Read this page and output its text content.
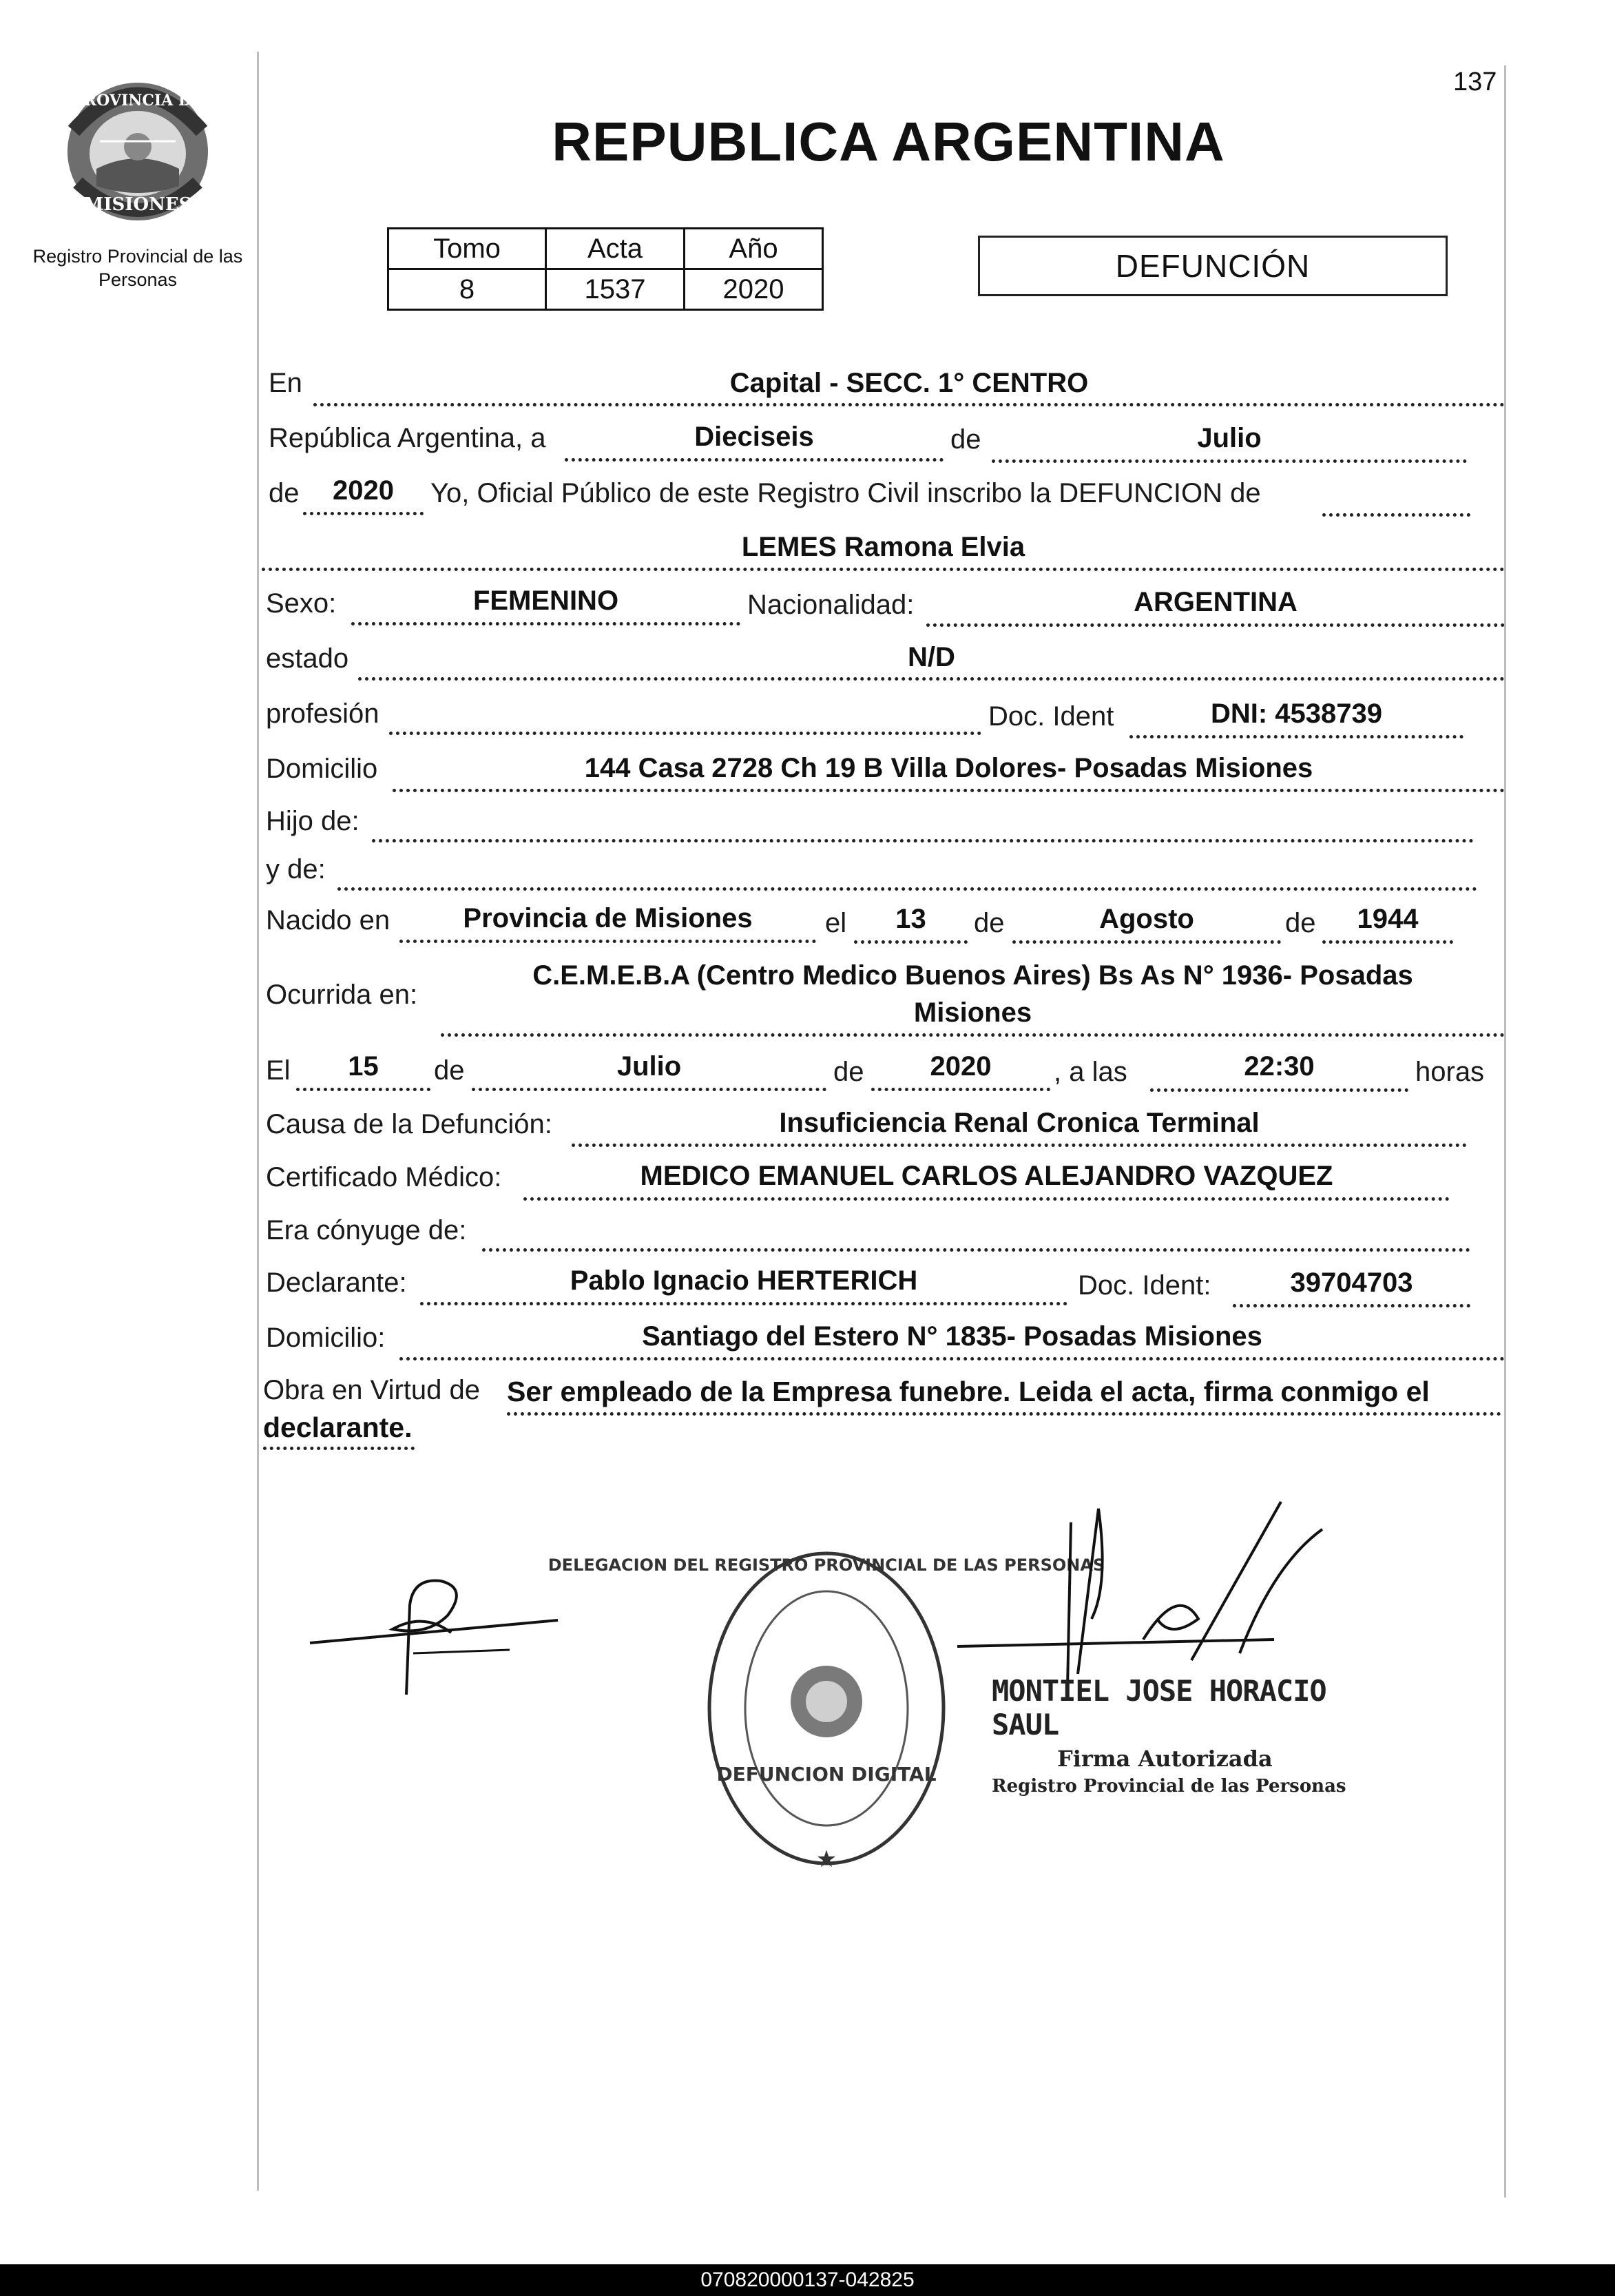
137
PROVINCIA DE
MISIONES
Registro Provincial de las Personas
REPUBLICA ARGENTINA
Tomo	Acta	Año
8	1537	2020
DEFUNCIÓN
En	Capital - SECC. 1° CENTRO
República Argentina, a	Dieciseis	de	Julio
de	2020	Yo, Oficial Público de este Registro Civil inscribo la DEFUNCION de
LEMES Ramona Elvia
Sexo:	FEMENINO	Nacionalidad:	ARGENTINA
estado	N/D
profesión	Doc. Ident	DNI: 4538739
Domicilio	144 Casa 2728 Ch 19 B Villa Dolores- Posadas Misiones
Hijo de:
y de:
Nacido en	Provincia de Misiones	el	13	de	Agosto	de	1944
Ocurrida en:
C.E.M.E.B.A (Centro Medico Buenos Aires) Bs As N° 1936- Posadas
Misiones
El	15	de	Julio	de	2020	, a las	22:30	horas
Causa de la Defunción:	Insuficiencia Renal Cronica Terminal
Certificado Médico:	MEDICO EMANUEL CARLOS ALEJANDRO VAZQUEZ
Era cónyuge de:
Declarante:	Pablo Ignacio HERTERICH	Doc. Ident:	39704703
Domicilio:	Santiago del Estero N° 1835- Posadas Misiones
Obra en Virtud de Ser empleado de la Empresa funebre. Leida el acta, firma conmigo el
declarante.
DELEGACION DEL REGISTRO PROVINCIAL DE LAS PERSONAS
DEFUNCION DIGITAL
★
MONTIEL JOSE HORACIO SAUL
Firma Autorizada
Registro Provincial de las Personas
070820000137-042825
